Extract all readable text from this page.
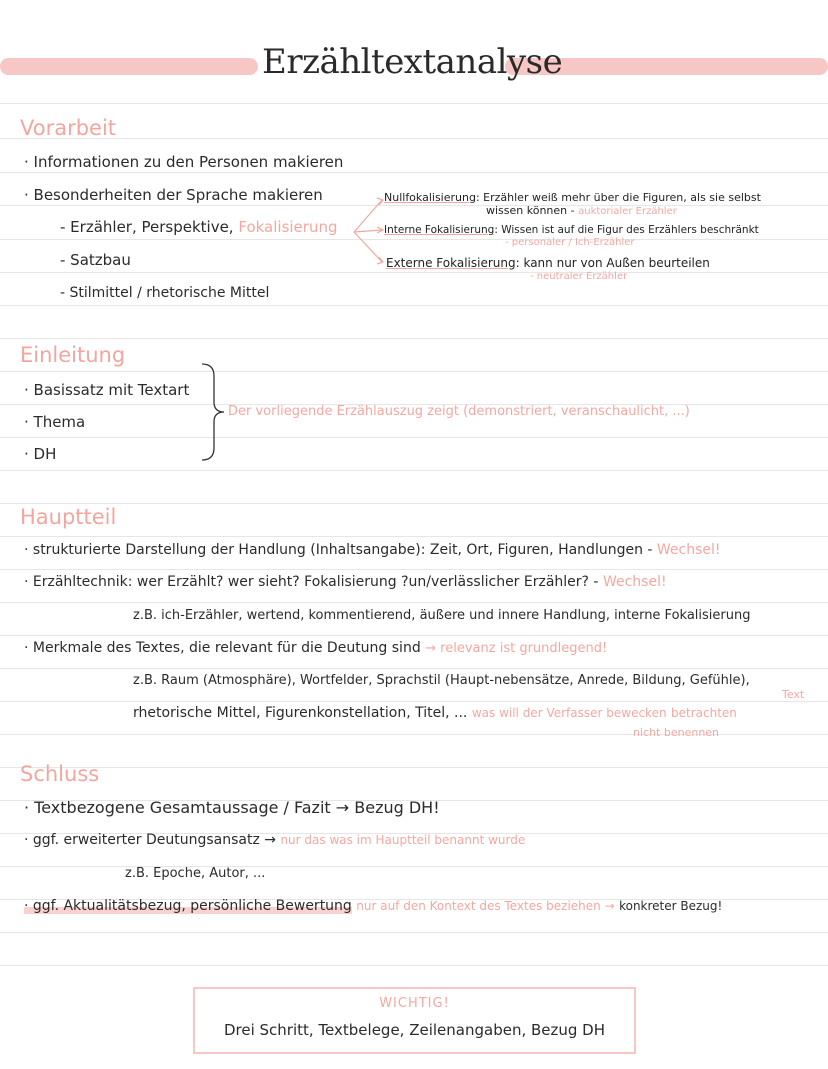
Erzähltextanalyse
Vorarbeit
· Informationen zu den Personen makieren
· Besonderheiten der Sprache makieren
- Erzähler, Perspektive, Fokalisierung
- Satzbau
- Stilmittel / rhetorische Mittel
Nullfokalisierung: Erzähler weiß mehr über die Figuren, als sie selbst
wissen können - auktorialer Erzähler
Interne Fokalisierung: Wissen ist auf die Figur des Erzählers beschränkt
- personaler / Ich-Erzähler
Externe Fokalisierung: kann nur von Außen beurteilen
- neutraler Erzähler
Einleitung
· Basissatz mit Textart
· Thema
· DH
Der vorliegende Erzählauszug zeigt (demonstriert, veranschaulicht, ...)
Hauptteil
· strukturierte Darstellung der Handlung (Inhaltsangabe): Zeit, Ort, Figuren, Handlungen - Wechsel!
· Erzähltechnik: wer Erzählt? wer sieht? Fokalisierung ?un/verlässlicher Erzähler? - Wechsel!
z.B. ich-Erzähler, wertend, kommentierend, äußere und innere Handlung, interne Fokalisierung
· Merkmale des Textes, die relevant für die Deutung sind → relevanz ist grundlegend!
z.B. Raum (Atmosphäre), Wortfelder, Sprachstil (Haupt-nebensätze, Anrede, Bildung, Gefühle),
Text
rhetorische Mittel, Figurenkonstellation, Titel, ... was will der Verfasser bewecken betrachten
nicht benennen
Schluss
· Textbezogene Gesamtaussage / Fazit → Bezug DH!
· ggf. erweiterter Deutungsansatz → nur das was im Hauptteil benannt wurde
z.B. Epoche, Autor, ...
· ggf. Aktualitätsbezug, persönliche Bewertung nur auf den Kontext des Textes beziehen → konkreter Bezug!
WICHTIG!
Drei Schritt, Textbelege, Zeilenangaben, Bezug DH
